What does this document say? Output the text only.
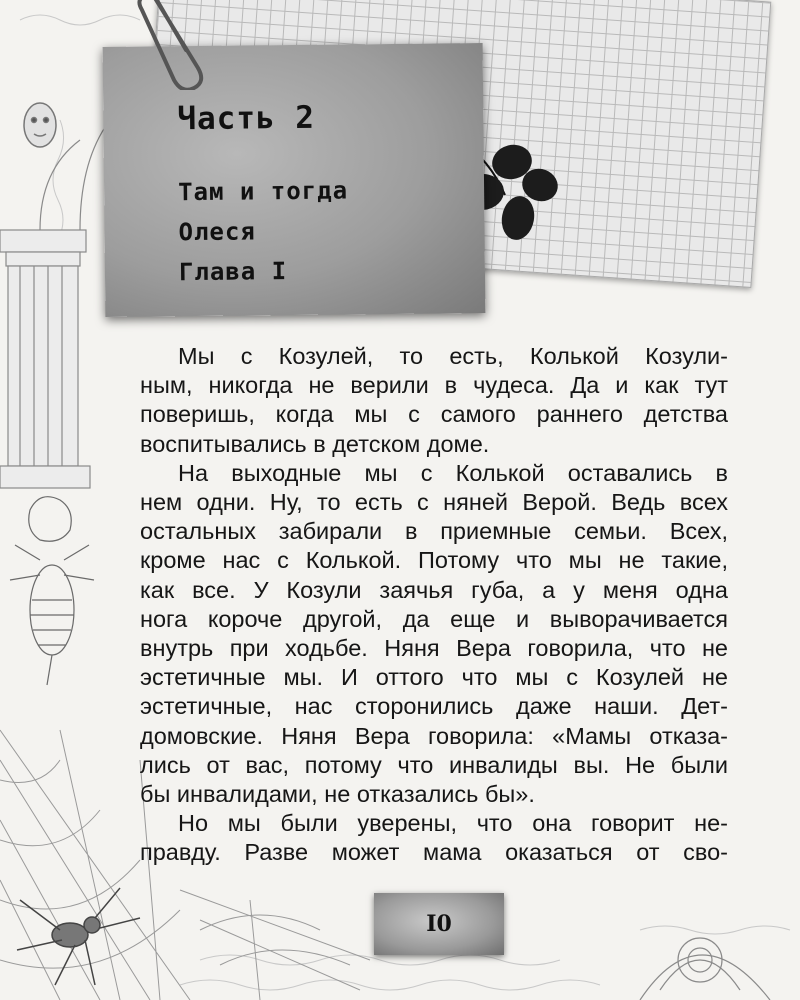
Часть 2

Там и тогда

Олеся

Глава I

Мы с Козулей, то есть, Колькой Козули-

ным, никогда не верили в чудеса. Да и как тут

поверишь, когда мы с самого раннего детства

воспитывались в детском доме.

На выходные мы с Колькой оставались в

нем одни. Ну, то есть с няней Верой. Ведь всех

остальных забирали в приемные семьи. Всех,

кроме нас с Колькой. Потому что мы не такие,

как все. У Козули заячья губа, а у меня одна

нога короче другой, да еще и выворачивается

внутрь при ходьбе. Няня Вера говорила, что не

эстетичные мы. И оттого что мы с Козулей не

эстетичные, нас сторонились даже наши. Дет-

домовские. Няня Вера говорила: «Мамы отказа-

лись от вас, потому что инвалиды вы. Не были

бы инвалидами, не отказались бы».

Но мы были уверены, что она говорит не-

правду. Разве может мама оказаться от сво-

I0
